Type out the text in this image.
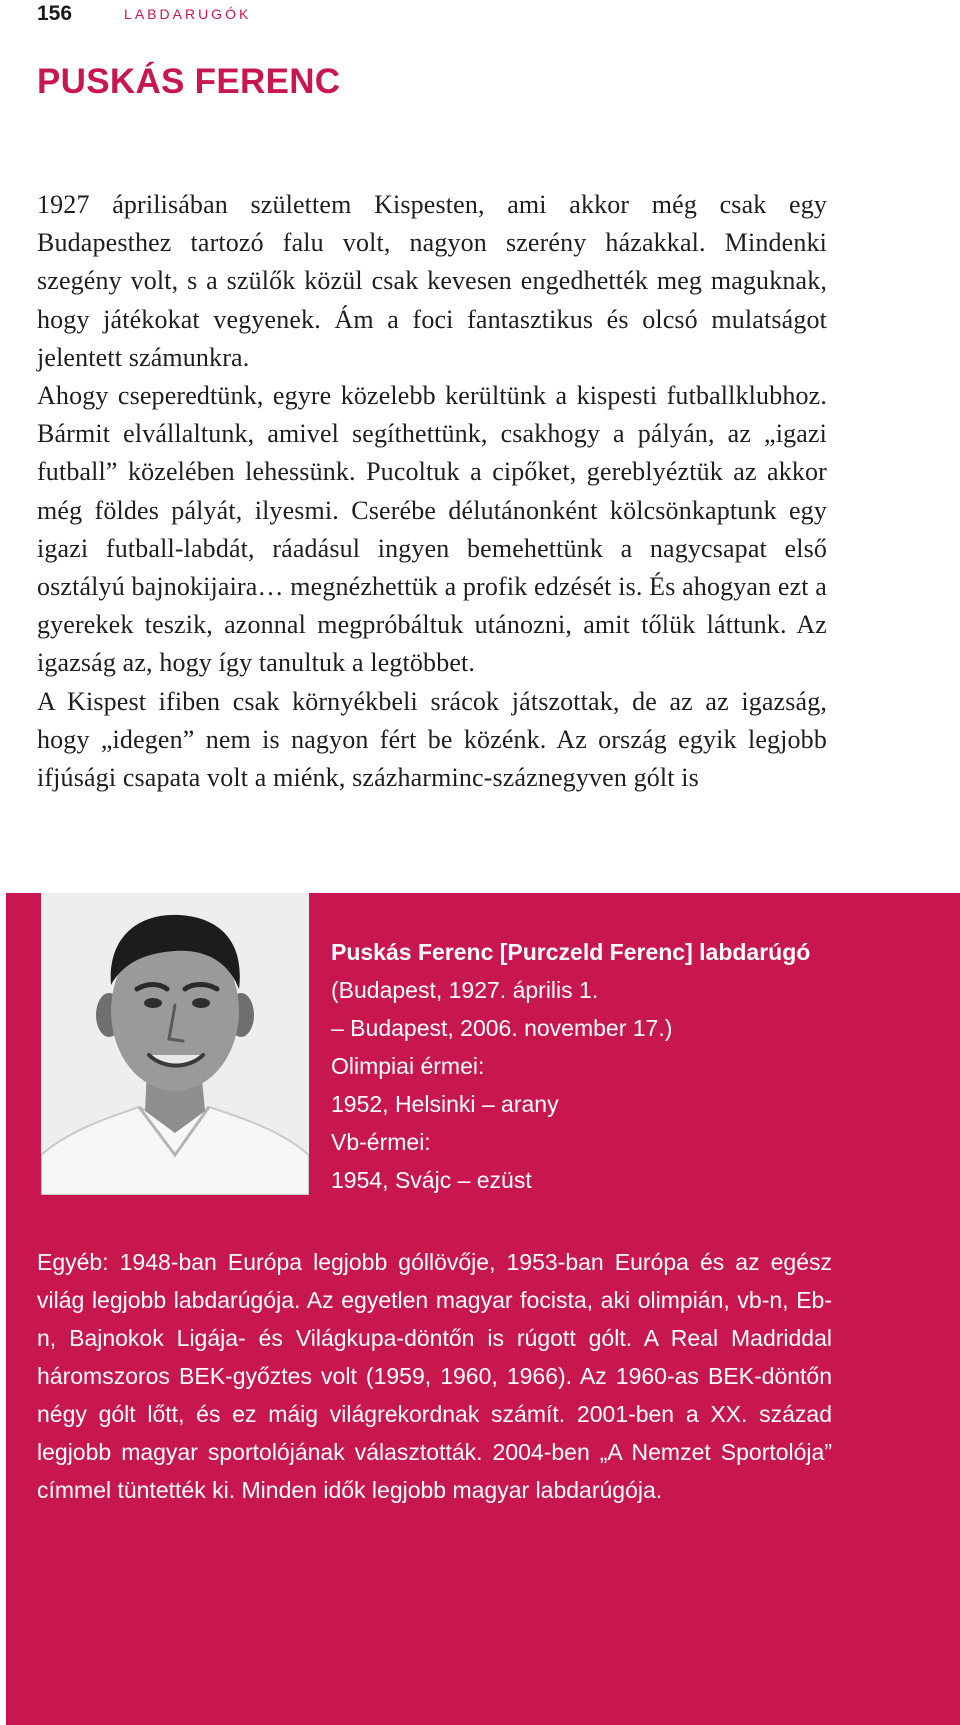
156	LABDARUGÓK
PUSKÁS FERENC

1927 áprilisában születtem Kispesten, ami akkor még csak egy Budapesthez tartozó falu volt, nagyon szerény házakkal. Mindenki szegény volt, s a szülők közül csak kevesen engedhették meg maguknak, hogy játékokat vegyenek. Ám a foci fantasztikus és olcsó mulatságot jelentett számunkra.

Ahogy cseperedtünk, egyre közelebb kerültünk a kispesti futballklubhoz. Bármit elvállaltunk, amivel segíthettünk, csakhogy a pályán, az „igazi futball” közelében lehessünk. Pucoltuk a cipőket, gereblyéztük az akkor még földes pályát, ilyesmi. Cserébe délutánonként kölcsönkaptunk egy igazi futball-labdát, ráadásul ingyen bemehettünk a nagycsapat első osztályú bajnokijaira… megnézhettük a profik edzését is. És ahogyan ezt a gyerekek teszik, azonnal megpróbáltuk utánozni, amit tőlük láttunk. Az igazság az, hogy így tanultuk a legtöbbet.

A Kispest ifiben csak környékbeli srácok játszottak, de az az igazság, hogy „idegen” nem is nagyon fért be közénk. Az ország egyik legjobb ifjúsági csapata volt a miénk, százharminc-száznegyven gólt is

Puskás Ferenc [Purczeld Ferenc] labdarúgó
(Budapest, 1927. április 1.
– Budapest, 2006. november 17.)
Olimpiai érmei:
1952, Helsinki – arany
Vb-érmei:
1954, Svájc – ezüst

Egyéb: 1948-ban Európa legjobb góllövője, 1953-ban Európa és az egész világ legjobb labdarúgója. Az egyetlen magyar focista, aki olimpián, vb-n, Eb-n, Bajnokok Ligája- és Világkupa-döntőn is rúgott gólt. A Real Madriddal háromszoros BEK-győztes volt (1959, 1960, 1966). Az 1960-as BEK-döntőn négy gólt lőtt, és ez máig világrekordnak számít. 2001-ben a XX. század legjobb magyar sportolójának választották. 2004-ben „A Nemzet Sportolója” címmel tüntették ki. Minden idők legjobb magyar labdarúgója.
